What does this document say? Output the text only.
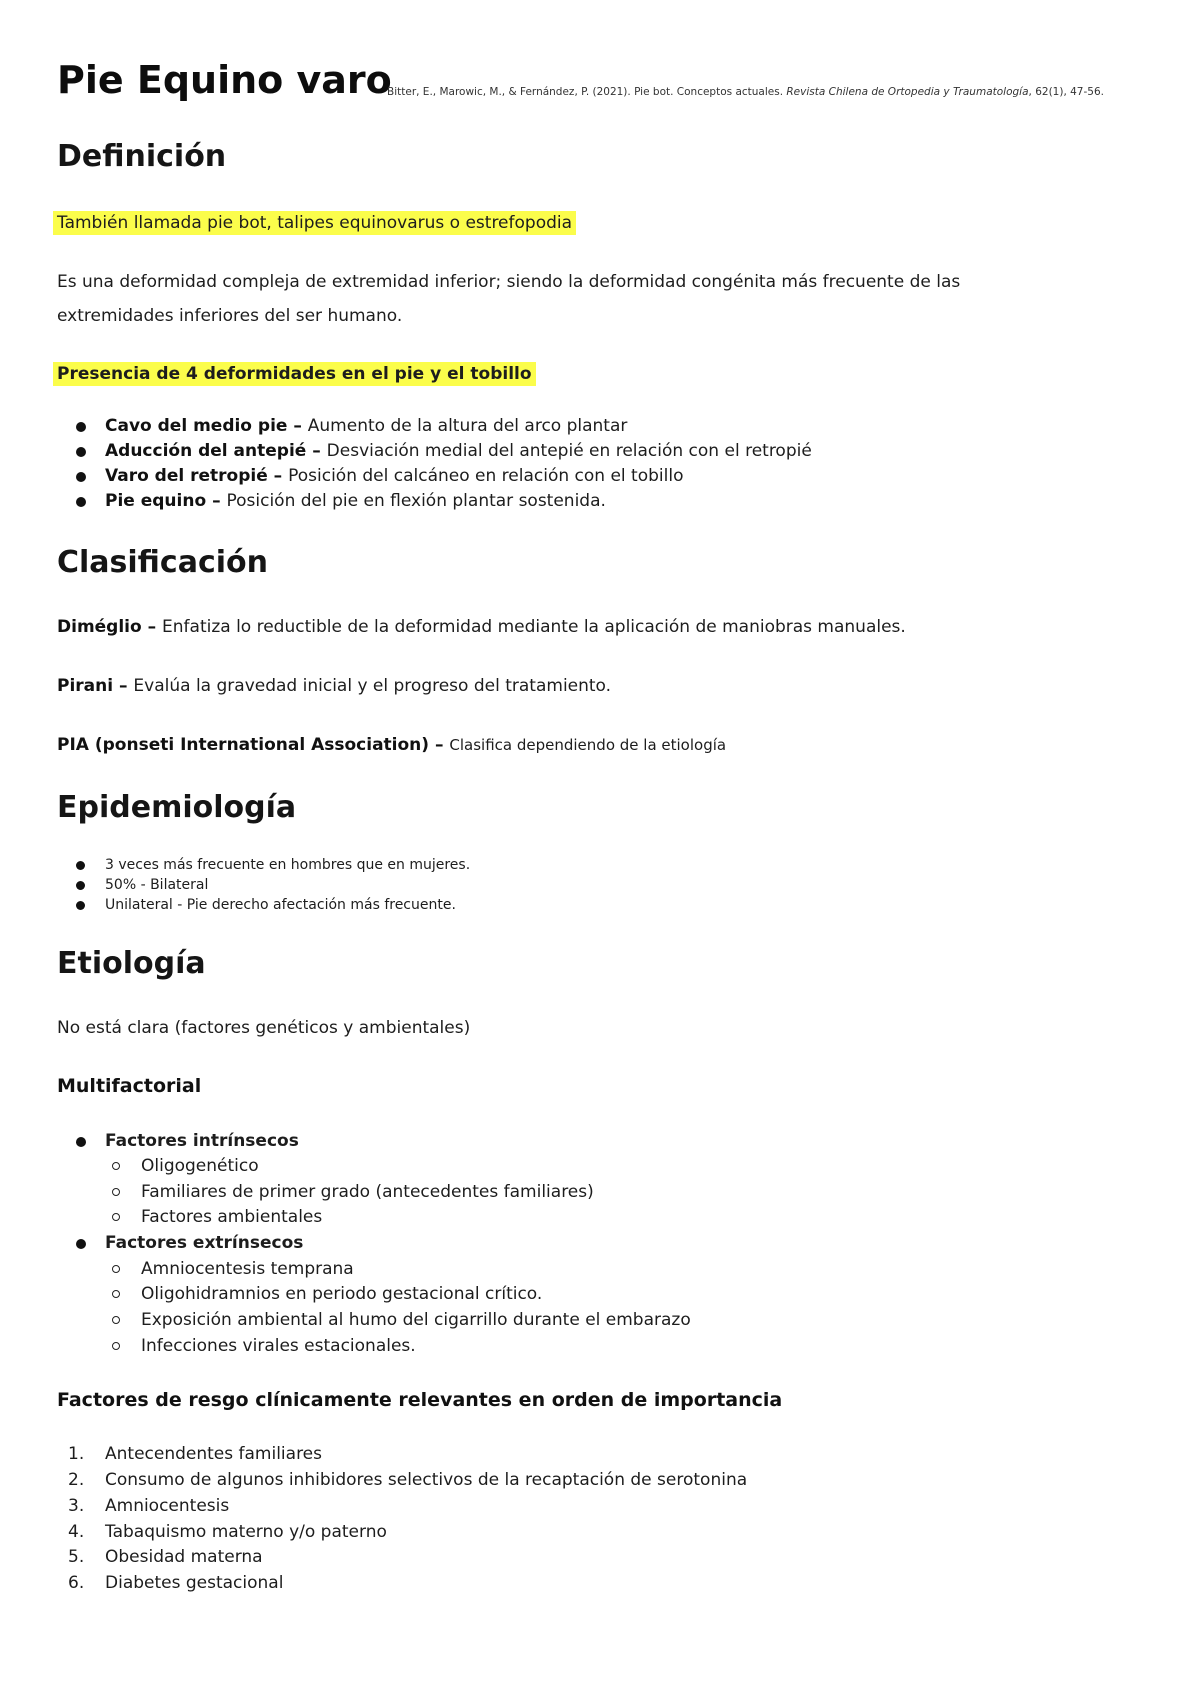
Pie Equino varo
Bitter, E., Marowic, M., & Fernández, P. (2021). Pie bot. Conceptos actuales. Revista Chilena de Ortopedia y Traumatología, 62(1), 47-56.
Definición
También llamada pie bot, talipes equinovarus o estrefopodia
Es una deformidad compleja de extremidad inferior; siendo la deformidad congénita más frecuente de las
extremidades inferiores del ser humano.
Presencia de 4 deformidades en el pie y el tobillo
Cavo del medio pie – Aumento de la altura del arco plantar
Aducción del antepié – Desviación medial del antepié en relación con el retropié
Varo del retropié – Posición del calcáneo en relación con el tobillo
Pie equino – Posición del pie en flexión plantar sostenida.
Clasificación
Diméglio – Enfatiza lo reductible de la deformidad mediante la aplicación de maniobras manuales.
Pirani – Evalúa la gravedad inicial y el progreso del tratamiento.
PIA (ponseti International Association) – Clasifica dependiendo de la etiología
Epidemiología
3 veces más frecuente en hombres que en mujeres.
50% - Bilateral
Unilateral - Pie derecho afectación más frecuente.
Etiología
No está clara (factores genéticos y ambientales)
Multifactorial
Factores intrínsecos
Oligogenético
Familiares de primer grado (antecedentes familiares)
Factores ambientales
Factores extrínsecos
Amniocentesis temprana
Oligohidramnios en periodo gestacional crítico.
Exposición ambiental al humo del cigarrillo durante el embarazo
Infecciones virales estacionales.
Factores de resgo clínicamente relevantes en orden de importancia
1.	Antecendentes familiares
2.	Consumo de algunos inhibidores selectivos de la recaptación de serotonina
3.	Amniocentesis
4.	Tabaquismo materno y/o paterno
5.	Obesidad materna
6.	Diabetes gestacional
